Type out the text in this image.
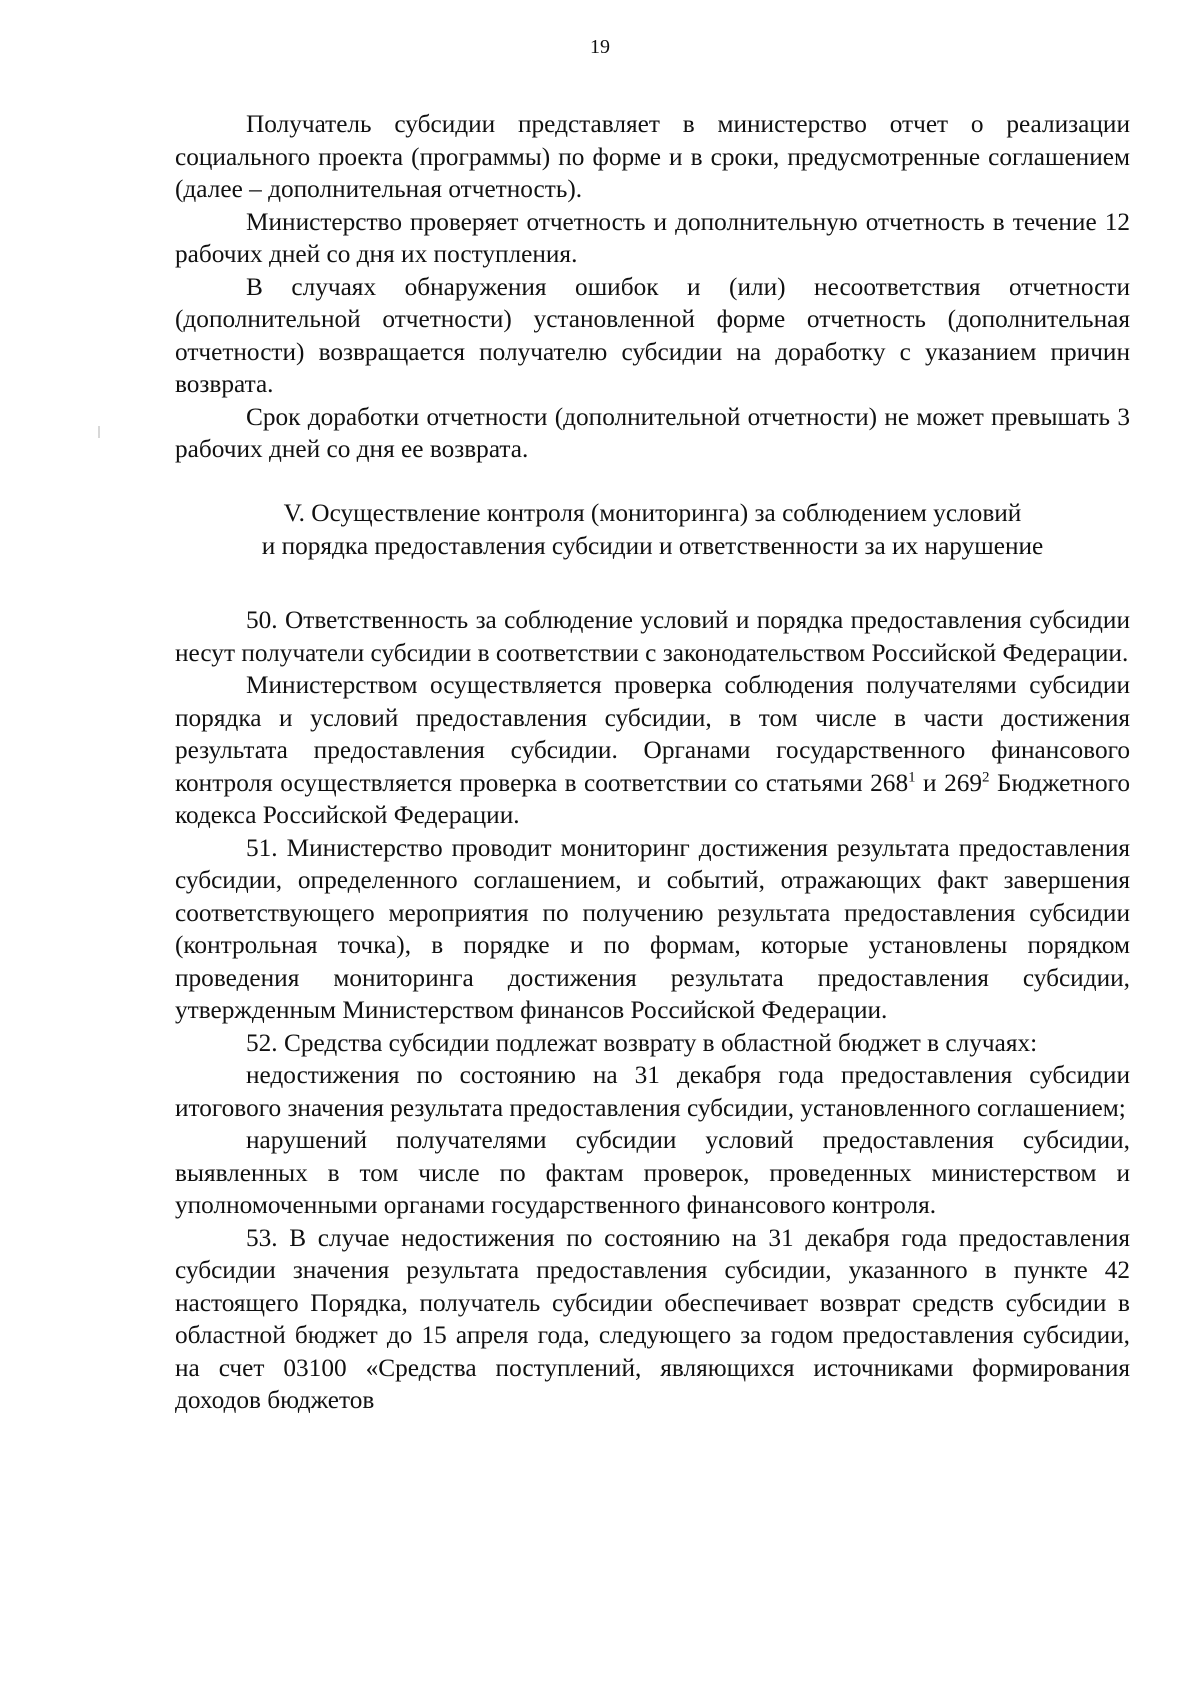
19

Получатель субсидии представляет в министерство отчет о реализации социального проекта (программы) по форме и в сроки, предусмотренные соглашением (далее – дополнительная отчетность).

Министерство проверяет отчетность и дополнительную отчетность в течение 12 рабочих дней со дня их поступления.

В случаях обнаружения ошибок и (или) несоответствия отчетности (дополнительной отчетности) установленной форме отчетность (дополнительная отчетности) возвращается получателю субсидии на доработку с указанием причин возврата.

Срок доработки отчетности (дополнительной отчетности) не может превышать 3 рабочих дней со дня ее возврата.

V. Осуществление контроля (мониторинга) за соблюдением условий
и порядка предоставления субсидии и ответственности за их нарушение

50. Ответственность за соблюдение условий и порядка предоставления субсидии несут получатели субсидии в соответствии с законодательством Российской Федерации.

Министерством осуществляется проверка соблюдения получателями субсидии порядка и условий предоставления субсидии, в том числе в части достижения результата предоставления субсидии. Органами государственного финансового контроля осуществляется проверка в соответствии со статьями $268^1$ и $269^2$ Бюджетного кодекса Российской Федерации.

51. Министерство проводит мониторинг достижения результата предоставления субсидии, определенного соглашением, и событий, отражающих факт завершения соответствующего мероприятия по получению результата предоставления субсидии (контрольная точка), в порядке и по формам, которые установлены порядком проведения мониторинга достижения результата предоставления субсидии, утвержденным Министерством финансов Российской Федерации.

52. Средства субсидии подлежат возврату в областной бюджет в случаях:

недостижения по состоянию на 31 декабря года предоставления субсидии итогового значения результата предоставления субсидии, установленного соглашением;

нарушений получателями субсидии условий предоставления субсидии, выявленных в том числе по фактам проверок, проведенных министерством и уполномоченными органами государственного финансового контроля.

53. В случае недостижения по состоянию на 31 декабря года предоставления субсидии значения результата предоставления субсидии, указанного в пункте 42 настоящего Порядка, получатель субсидии обеспечивает возврат средств субсидии в областной бюджет до 15 апреля года, следующего за годом предоставления субсидии, на счет 03100 «Средства поступлений, являющихся источниками формирования доходов бюджетов
